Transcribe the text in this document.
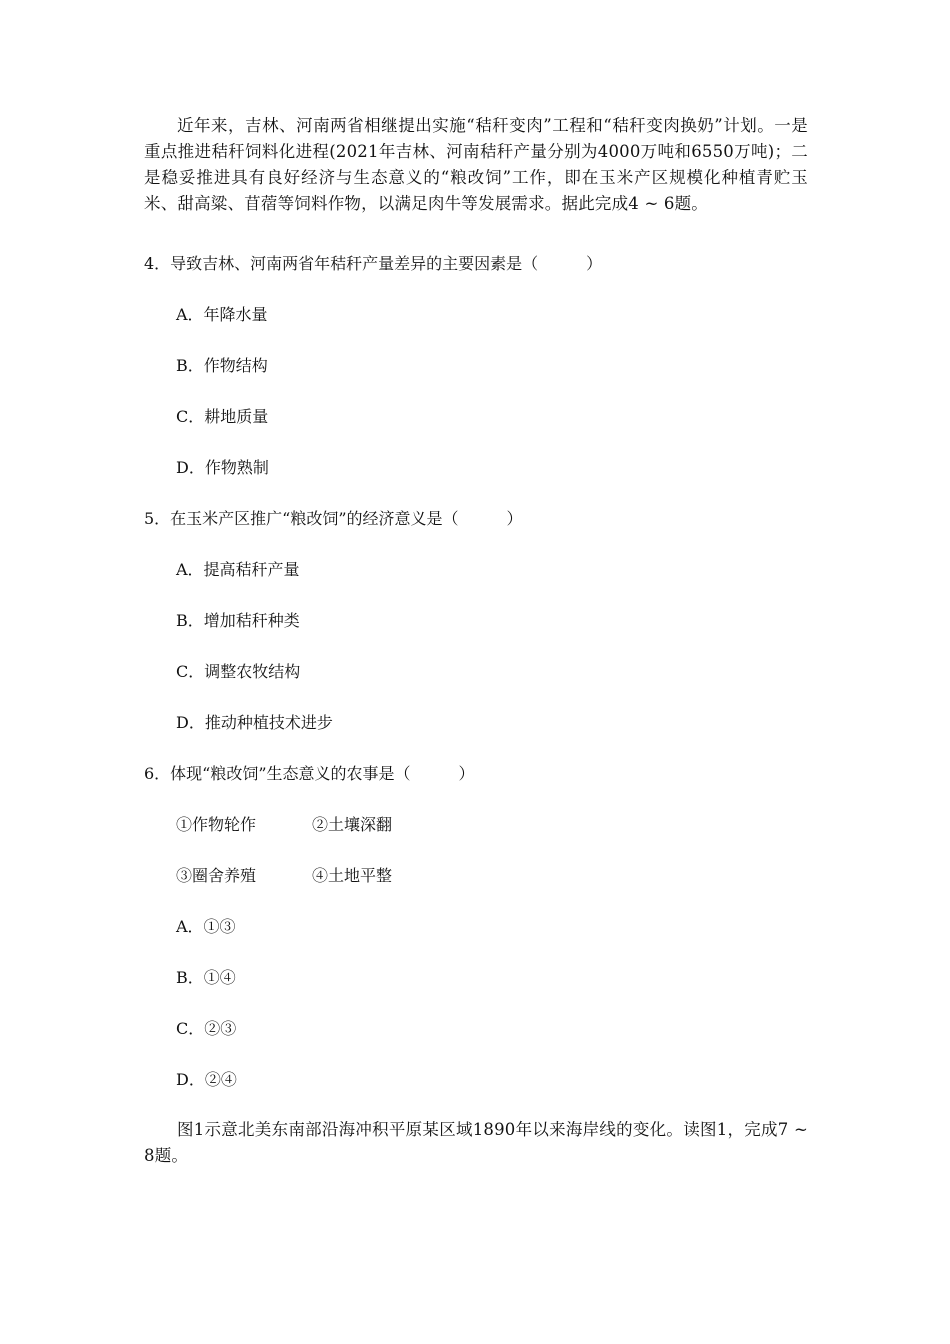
近年来，吉林、河南两省相继提出实施“秸秆变肉”工程和“秸秆变肉换奶”计划。一是重点推进秸秆饲料化进程(2021年吉林、河南秸秆产量分别为4000万吨和6550万吨)；二是稳妥推进具有良好经济与生态意义的“粮改饲”工作，即在玉米产区规模化种植青贮玉米、甜高粱、苜蓿等饲料作物，以满足肉牛等发展需求。据此完成4 ~ 6题。

4．导致吉林、河南两省年秸秆产量差异的主要因素是（　　　）
A．年降水量
B．作物结构
C．耕地质量
D．作物熟制
5．在玉米产区推广“粮改饲”的经济意义是（　　　）
A．提高秸秆产量
B．增加秸秆种类
C．调整农牧结构
D．推动种植技术进步
6．体现“粮改饲”生态意义的农事是（　　　）
①作物轮作	②土壤深翻
③圈舍养殖	④土地平整
A．①③
B．①④
C．②③
D．②④

图1示意北美东南部沿海冲积平原某区域1890年以来海岸线的变化。读图1，完成7 ~ 8题。
